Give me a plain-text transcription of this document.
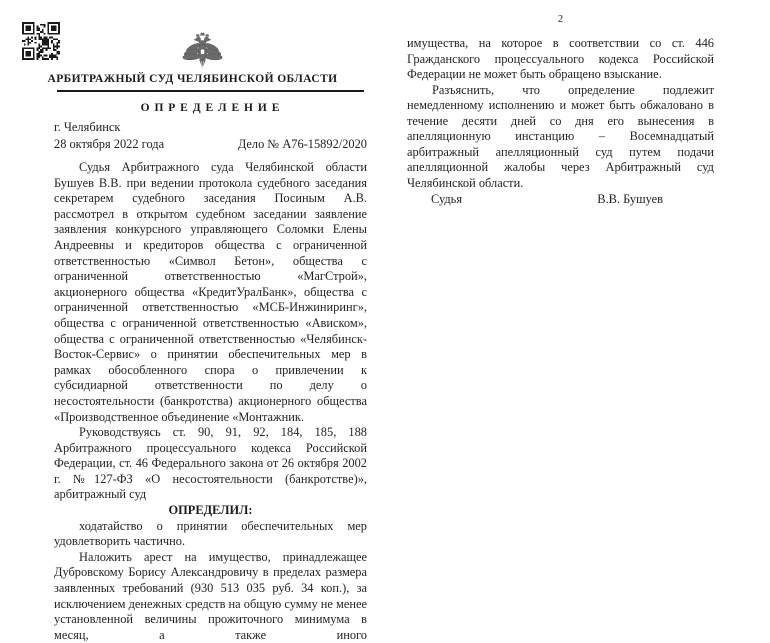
АРБИТРАЖНЫЙ СУД ЧЕЛЯБИНСКОЙ ОБЛАСТИ
О П Р Е Д Е Л Е Н И Е
г. Челябинск
28 октября 2022 года	Дело № А76-15892/2020

Судья Арбитражного суда Челябинской области Бушуев В.В. при ведении протокола судебного заседания секретарем судебного заседания Посиным А.В. рассмотрел в открытом судебном заседании заявление заявления конкурсного управляющего Соломки Елены Андреевны и кредиторов общества с ограниченной ответственностью «Символ Бетон», общества с ограниченной ответственностью «МагСтрой», акционерного общества «КредитУралБанк», общества с ограниченной ответственностью «МСБ-Инжиниринг», общества с ограниченной ответственностью «Ависком», общества с ограниченной ответственностью «Челябинск-Восток-Сервис» о принятии обеспечительных мер в рамках обособленного спора о привлечении к субсидиарной ответственности по делу о несостоятельности (банкротства) акционерного общества «Производственное объединение «Монтажник.

Руководствуясь ст. 90, 91, 92, 184, 185, 188 Арбитражного процессуального кодекса Российской Федерации, ст. 46 Федерального закона от 26 октября 2002 г. №127-ФЗ «О несостоятельности (банкротстве)», арбитражный суд

ОПРЕДЕЛИЛ:

ходатайство о принятии обеспечительных мер удовлетворить частично.

Наложить арест на имущество, принадлежащее Дубровскому Борису Александровичу в пределах размера заявленных требований (930 513 035 руб. 34 коп.), за исключением денежных средств на общую сумму не менее установленной величины прожиточного минимума в месяц, а также иного

2

имущества, на которое в соответствии со ст. 446 Гражданского процессуального кодекса Российской Федерации не может быть обращено взыскание.

Разъяснить, что определение подлежит немедленному исполнению и может быть обжаловано в течение десяти дней со дня его вынесения в апелляционную инстанцию – Восемнадцатый арбитражный апелляционный суд путем подачи апелляционной жалобы через Арбитражный суд Челябинской области.

Судья	В.В. Бушуев
